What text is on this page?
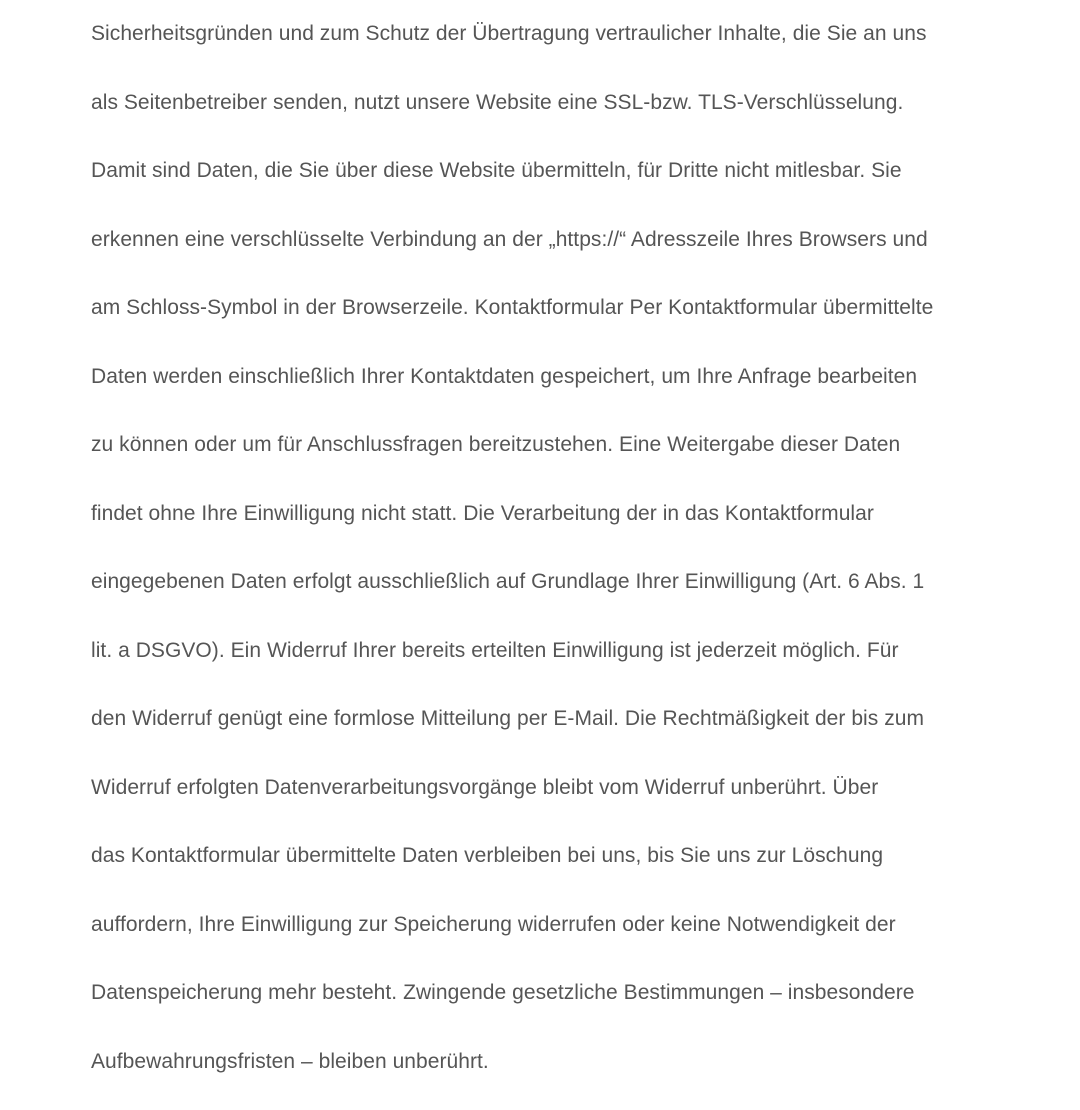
Sicherheitsgründen und zum Schutz der Übertragung vertraulicher Inhalte, die Sie an uns
als Seitenbetreiber senden, nutzt unsere Website eine SSL-bzw. TLS-Verschlüsselung.
Damit sind Daten, die Sie über diese Website übermitteln, für Dritte nicht mitlesbar. Sie
erkennen eine verschlüsselte Verbindung an der „https://“ Adresszeile Ihres Browsers und
am Schloss-Symbol in der Browserzeile. Kontaktformular Per Kontaktformular übermittelte
Daten werden einschließlich Ihrer Kontaktdaten gespeichert, um Ihre Anfrage bearbeiten
zu können oder um für Anschlussfragen bereitzustehen. Eine Weitergabe dieser Daten
findet ohne Ihre Einwilligung nicht statt. Die Verarbeitung der in das Kontaktformular
eingegebenen Daten erfolgt ausschließlich auf Grundlage Ihrer Einwilligung (Art. 6 Abs. 1
lit. a DSGVO). Ein Widerruf Ihrer bereits erteilten Einwilligung ist jederzeit möglich. Für
den Widerruf genügt eine formlose Mitteilung per E-Mail. Die Rechtmäßigkeit der bis zum
Widerruf erfolgten Datenverarbeitungsvorgänge bleibt vom Widerruf unberührt. Über
das Kontaktformular übermittelte Daten verbleiben bei uns, bis Sie uns zur Löschung
auffordern, Ihre Einwilligung zur Speicherung widerrufen oder keine Notwendigkeit der
Datenspeicherung mehr besteht. Zwingende gesetzliche Bestimmungen – insbesondere
Aufbewahrungsfristen – bleiben unberührt.
